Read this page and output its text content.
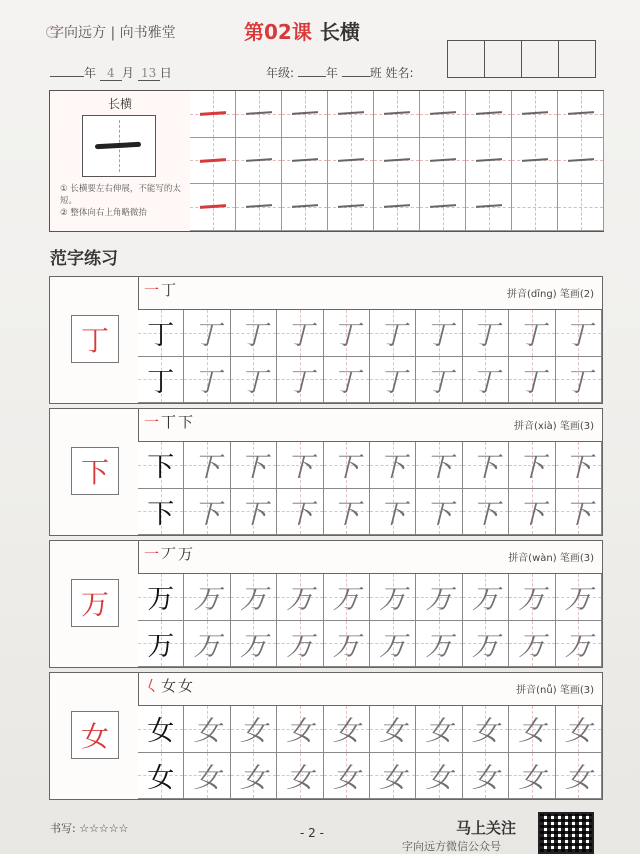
字向远方 | 向书雅堂	第02课 长横
年 4 月 13 日	年级:	年	班 姓名:
长横
① 长横要左右伸展，不能写的太短。
② 整体向右上角略微抬
范字练习
丁
一丁	拼音(dīng) 笔画(2)
丁 丁 丁 丁 丁 丁 丁 丁 丁 丁
丁 丁 丁 丁 丁 丁 丁 丁 丁 丁
下
一丅下	拼音(xià) 笔画(3)
下 下 下 下 下 下 下 下 下 下
下 下 下 下 下 下 下 下 下 下
万
一丆万	拼音(wàn) 笔画(3)
万 万 万 万 万 万 万 万 万 万
万 万 万 万 万 万 万 万 万 万
女
𡿨女女	拼音(nǚ) 笔画(3)
女 女 女 女 女 女 女 女 女 女
女 女 女 女 女 女 女 女 女 女
书写: ☆☆☆☆☆	- 2 -	马上关注
字向远方微信公众号
